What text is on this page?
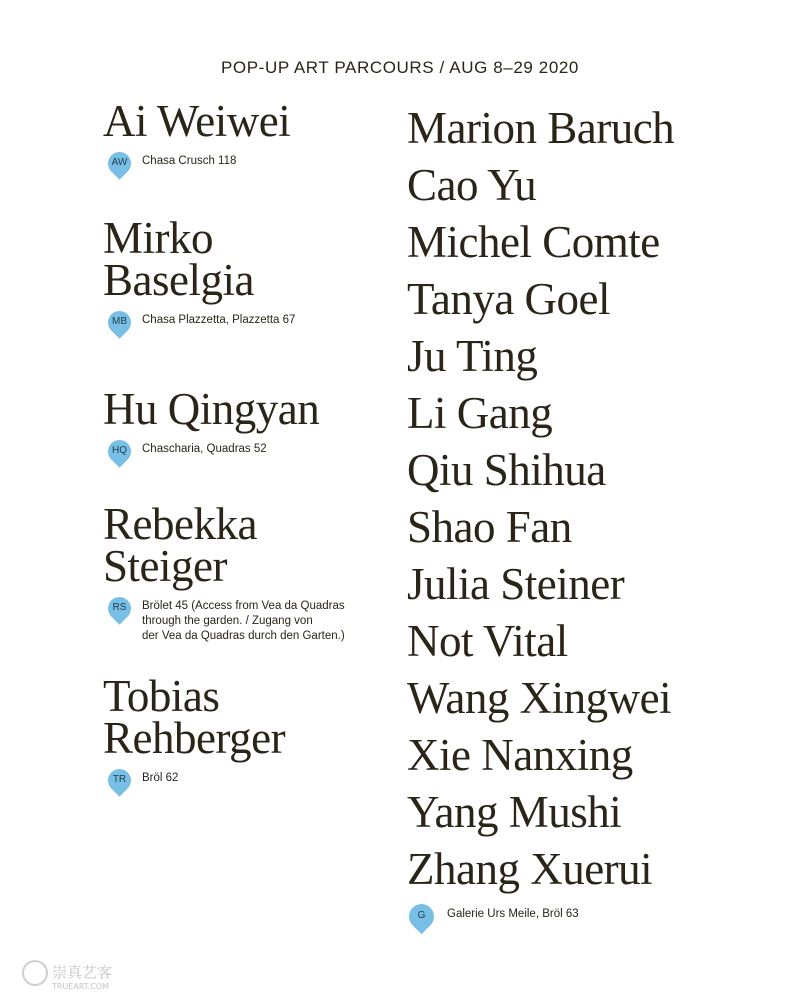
POP-UP ART PARCOURS / AUG 8–29 2020
Ai Weiwei
AW	Chasa Crusch 118
Mirko
Baselgia
MB	Chasa Plazzetta, Plazzetta 67
Hu Qingyan
HQ	Chascharia, Quadras 52
Rebekka
Steiger
RS	Brölet 45 (Access from Vea da Quadras
through the garden. / Zugang von
der Vea da Quadras durch den Garten.)
Tobias
Rehberger
TR	Bröl 62
Marion Baruch
Cao Yu
Michel Comte
Tanya Goel
Ju Ting
Li Gang
Qiu Shihua
Shao Fan
Julia Steiner
Not Vital
Wang Xingwei
Xie Nanxing
Yang Mushi
Zhang Xuerui
G	Galerie Urs Meile, Bröl 63
崇真艺客
TRUEART.COM
